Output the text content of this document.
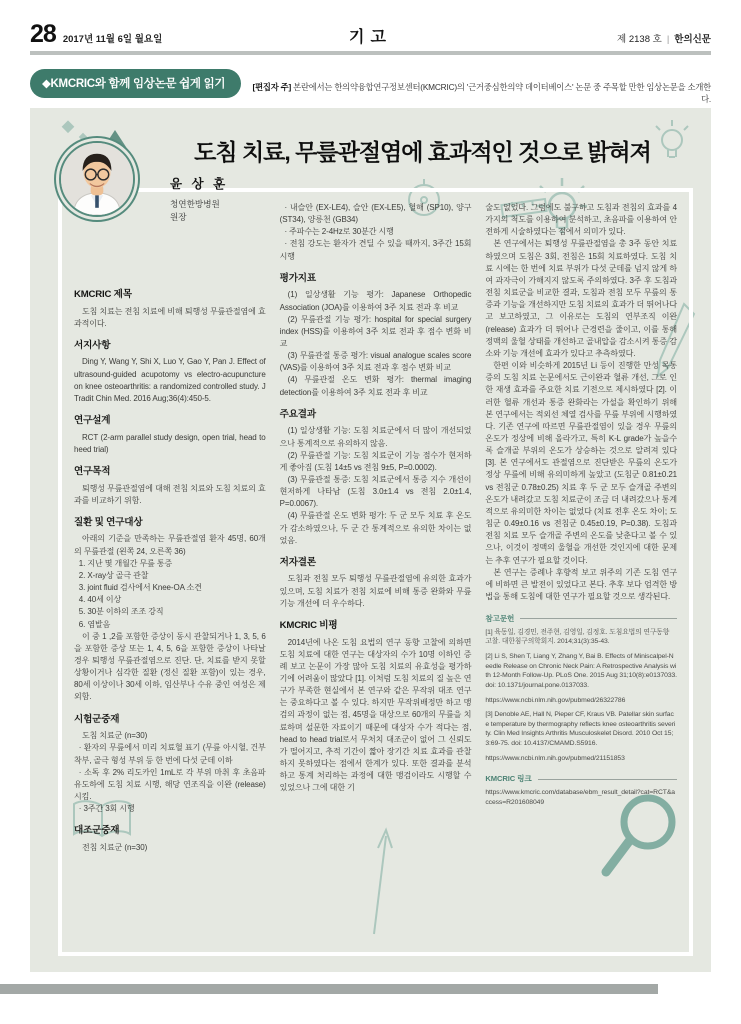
28 2017년 11월 6일 월요일	기고	제 2138 호 | 한의신문
◆KMCRIC와 함께 임상논문 쉽게 읽기	[편집자 주] 본란에서는 한의약융합연구정보센터(KMCRIC)의 '근거중심한의약 데이터베이스' 논문 중 주목할 만한 임상논문을 소개한다.
도침 치료, 무릎관절염에 효과적인 것으로 밝혀져
윤 상 훈
청연한방병원
원장
KMCRIC 제목
도침 치료는 전침 치료에 비해 퇴행성 무릎관절염에 효과적이다.
서지사항
Ding Y, Wang Y, Shi X, Luo Y, Gao Y, Pan J. Effect of ultrasound-guided acupotomy vs electro-acupuncture on knee osteoarthritis: a randomized controlled study. J Tradit Chin Med. 2016 Aug;36(4):450-5.
연구설계
RCT (2-arm parallel study design, open trial, head to heed trial)
연구목적
퇴행성 무릎관절염에 대해 전침 치료와 도침 치료의 효과를 비교하기 위함.
질환 및 연구대상
아래의 기준을 만족하는 무릎관절염 환자 45명, 60개의 무릎관절 (왼쪽 24, 오른쪽 36)
1. 지난 몇 개월간 무릎 통증
2. X-ray상 골극 관찰
3. joint fluid 검사에서 Knee-OA 소견
4. 40세 이상
5. 30분 이하의 조조 강직
6. 염발음
이 중 1 ,2를 포함한 증상이 동시 관찰되거나 1, 3, 5, 6을 포함한 증상 또는 1, 4, 5, 6을 포함한 증상이 나타날 경우 퇴행성 무릎관절염으로 진단. 단, 치료를 받지 못할 상황이거나 심각한 질환 (정신 질환 포함)이 있는 경우, 80세 이상이나 30세 이하, 임산부나 수유 중인 여성은 제외함.
시험군중재
도침 치료군 (n=30)
· 환자의 무릎에서 미리 치료혈 표기 (무릎 아시혈, 건부착부, 골극 형성 부위 등 한 번에 다섯 군데 이하
· 소독 후 2% 리도카인 1mL로 각 부위 마취 후 초음파 유도하에 도침 치료 시행, 해당 연조직을 이완 (release)시킴.
· 3주간 3회 시행
대조군중재
전침 치료군 (n=30)
· 내슬안 (EX-LE4), 슬안 (EX-LE5), 혈해 (SP10), 양구 (ST34), 양릉천 (GB34)
· 주파수는 2-4Hz로 30분간 시행
· 전침 강도는 환자가 견딜 수 있을 때까지, 3주간 15회 시행
평가지표
(1) 일상생활 기능 평가: Japanese Orthopedic Association (JOA)를 이용하여 3주 치료 전과 후 비교
(2) 무릎관절 기능 평가: hospital for special surgery index (HSS)를 이용하여 3주 치료 전과 후 점수 변화 비교
(3) 무릎관절 통증 평가: visual analogue scales score (VAS)를 이용하여 3주 치료 전과 후 점수 변화 비교
(4) 무릎관절 온도 변화 평가: thermal imaging detection를 이용하여 3주 치료 전과 후 비교
주요결과
(1) 일상생활 기능: 도침 치료군에서 더 많이 개선되었으나 통계적으로 유의하지 않음.
(2) 무릎관절 기능: 도침 치료군이 기능 점수가 현저하게 좋아짐 (도침 14±5 vs 전침 9±5, P=0.0002).
(3) 무릎관절 통증: 도침 치료군에서 통증 지수 개선이 현저하게 나타남 (도침 3.0±1.4 vs 전침 2.0±1.4, P=0.0067).
(4) 무릎관절 온도 변화 평가: 두 군 모두 치료 후 온도가 감소하였으나, 두 군 간 통계적으로 유의한 차이는 없었음.
저자결론
도침과 전침 모두 퇴행성 무릎관절염에 유의한 효과가 있으며, 도침 치료가 전침 치료에 비해 통증 완화와 무릎 기능 개선에 더 우수하다.
KMCRIC 비평
2014년에 나온 도침 요법의 연구 동향 고찰에 의하면 도침 치료에 대한 연구는 대상자의 수가 10명 이하인 증례 보고 논문이 가장 많아 도침 치료의 유효성을 평가하기에 어려움이 많았다 [1]. 이처럼 도침 치료의 질 높은 연구가 부족한 현실에서 본 연구와 같은 무작위 대조 연구는 중요하다고 볼 수 있다. 하지만 무작위배정만 하고 맹검의 과정이 없는 점, 45명을 대상으로 60개의 무릎을 치료하며 설문한 자료이기 때문에 대상자 수가 적다는 점, head to head trial로서 무처치 대조군이 없어 그 신뢰도가 떨어지고, 추적 기간이 짧아 장기간 치료 효과를 관찰하지 못하였다는 점에서 한계가 있다. 또한 결과를 분석하고 통계 처리하는 과정에 대한 맹검이라도 시행할 수 있었으나 그에 대한 기
술도 없었다. 그럼에도 불구하고 도침과 전침의 효과를 4가지의 척도를 이용하여 분석하고, 초음파를 이용하여 안전하게 시술하였다는 점에서 의미가 있다.
본 연구에서는 퇴행성 무릎관절염을 총 3주 동안 치료하였으며 도침은 3회, 전침은 15회 치료하였다. 도침 치료 시에는 한 번에 치료 부위가 다섯 군데를 넘지 않게 하여 과자극이 가해지지 않도록 주의하였다. 3주 후 도침과 전침 치료군을 비교한 결과, 도침과 전침 모두 무릎의 통증과 기능을 개선하지만 도침 치료의 효과가 더 뛰어나다고 보고하였고, 그 이유로는 도침의 연부조직 이완 (release) 효과가 더 뛰어나 근경련을 줄이고, 이를 통해 정맥의 울혈 상태를 개선하고 골내압을 감소시켜 통증 감소와 기능 개선에 효과가 있다고 추측하였다.
한편 이와 비슷하게 2015년 Li 등이 진행한 만성 목통증의 도침 치료 논문에서도 근이완과 혈류 개선, 그로 인한 재생 효과를 주요한 치료 기전으로 제시하였다 [2]. 이러한 혈류 개선과 통증 완화라는 가설을 확인하기 위해 본 연구에서는 적외선 체열 검사를 무릎 부위에 시행하였다. 기존 연구에 따르면 무릎관절염이 있을 경우 무릎의 온도가 정상에 비해 올라가고, 특히 K-L grade가 높을수록 슬개골 부위의 온도가 상승하는 것으로 알려져 있다 [3]. 본 연구에서도 관절염으로 진단받은 무릎의 온도가 정상 무릎에 비해 유의미하게 높았고 (도침군 0.81±0.21 vs 전침군 0.78±0.25) 치료 후 두 군 모두 슬개골 주변의 온도가 내려갔고 도침 치료군이 조금 더 내려갔으나 통계적으로 유의미한 차이는 없었다 (치료 전후 온도 차이; 도침군 0.49±0.16 vs 전침군 0.45±0.19, P=0.38). 도침과 전침 치료 모두 슬개골 주변의 온도를 낮춘다고 볼 수 있으나, 이것이 정맥의 울혈을 개선한 것인지에 대한 문제는 추후 연구가 필요할 것이다.
본 연구는 증례나 후향적 보고 위주의 기존 도침 연구에 비하면 큰 발전이 있었다고 본다. 추후 보다 엄격한 방법을 통해 도침에 대한 연구가 필요할 것으로 생각된다.
참고문헌
[1] 육동일, 김경민, 전주현, 김영일, 김정호. 도침요법의 연구동향 고찰. 대한침구의학회지. 2014;31(3):35-43.
[2] Li S, Shen T, Liang Y, Zhang Y, Bai B. Effects of Miniscalpel-Needle Release on Chronic Neck Pain: A Retrospective Analysis with 12-Month Follow-Up. PLoS One. 2015 Aug 31;10(8):e0137033. doi: 10.1371/journal.pone.0137033.
https://www.ncbi.nlm.nih.gov/pubmed/26322786
[3] Denoble AE, Hall N, Pieper CF, Kraus VB. Patellar skin surface temperature by thermography reflects knee osteoarthritis severity. Clin Med Insights Arthritis Musculoskelet Disord. 2010 Oct 15;3:69-75. doi: 10.4137/CMAMD.S5916.
https://www.ncbi.nlm.nih.gov/pubmed/21151853
KMCRIC 링크
https://www.kmcric.com/database/ebm_result_detail?cat=RCT&access=R201608049
